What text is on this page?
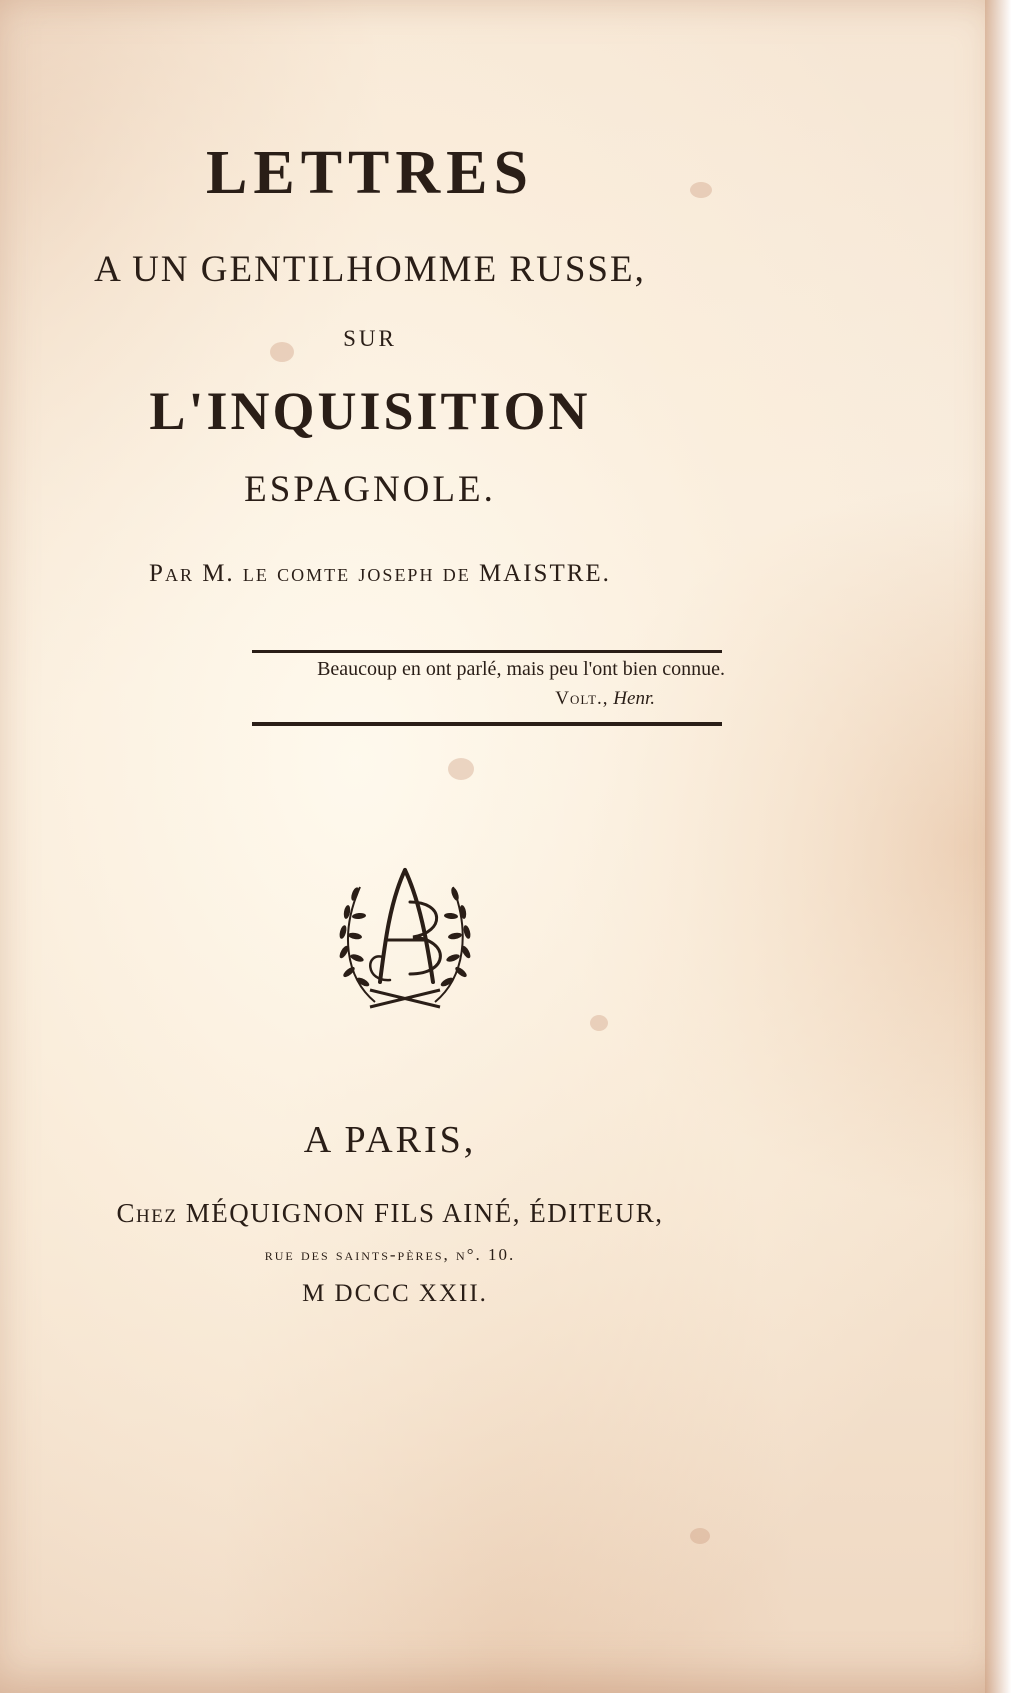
LETTRES
A UN GENTILHOMME RUSSE,
SUR
L'INQUISITION
ESPAGNOLE.
Par M. le comte joseph de MAISTRE.
Beaucoup en ont parlé, mais peu l'ont bien connue.
Volt., Henr.
A PARIS,
Chez MÉQUIGNON FILS AINÉ, ÉDITEUR,
rue des saints-pères, n°. 10.
M DCCC XXII.
